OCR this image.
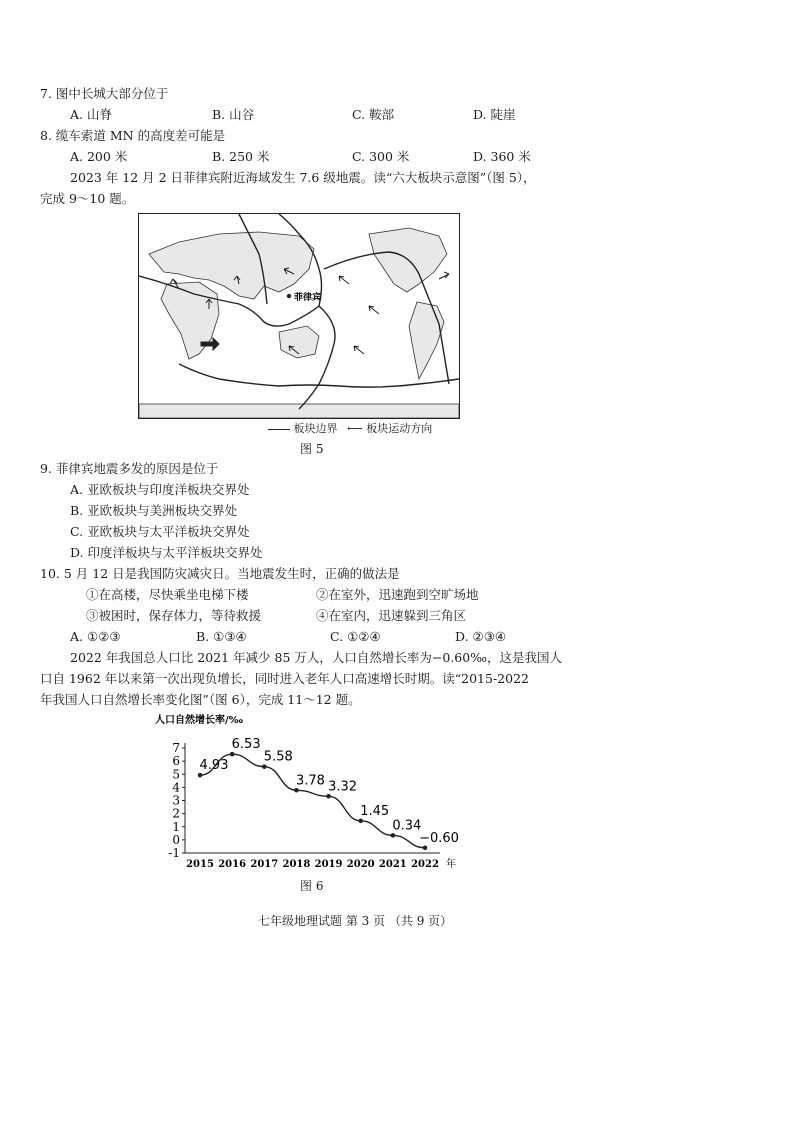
7. 图中长城大部分位于
A. 山脊	B. 山谷	C. 鞍部	D. 陡崖
8. 缆车索道 MN 的高度差可能是
A. 200 米	B. 250 米	C. 300 米	D. 360 米
2023 年 12 月 2 日菲律宾附近海域发生 7.6 级地震。读“六大板块示意图”（图 5），
完成 9～10 题。
菲律宾
板块边界 ⟵ 板块运动方向
图 5
9. 菲律宾地震多发的原因是位于
A. 亚欧板块与印度洋板块交界处
B. 亚欧板块与美洲板块交界处
C. 亚欧板块与太平洋板块交界处
D. 印度洋板块与太平洋板块交界处
10. 5 月 12 日是我国防灾减灾日。当地震发生时，正确的做法是
①在高楼，尽快乘坐电梯下楼	②在室外，迅速跑到空旷场地
③被困时，保存体力，等待救援	④在室内，迅速躲到三角区
A. ①②③	B. ①③④	C. ①②④	D. ②③④
2022 年我国总人口比 2021 年减少 85 万人，人口自然增长率为−0.60‰，这是我国人
口自 1962 年以来第一次出现负增长，同时进入老年人口高速增长时期。读“2015-2022
年我国人口自然增长率变化图”（图 6），完成 11～12 题。
人口自然增长率/‰
-1
0
1
2
3
4
5
6
7
2015 2016 2017 2018 2019 2020 2021 2022 年
4.93
6.53
5.58
3.78 3.32
1.45
0.34
−0.60
图 6
七年级地理试题 第 3 页 （共 9 页）
